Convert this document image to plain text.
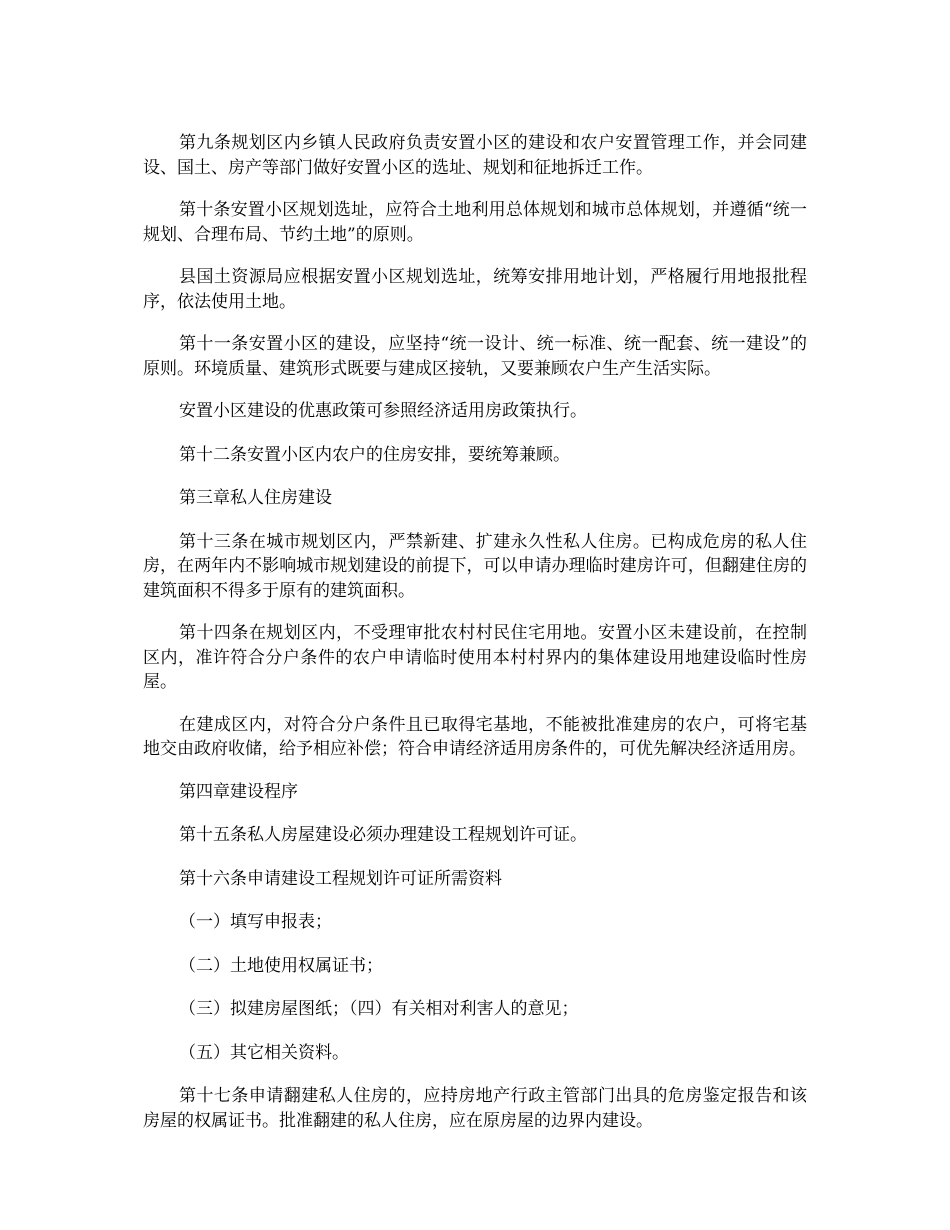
第九条规划区内乡镇人民政府负责安置小区的建设和农户安置管理工作，并会同建设、国土、房产等部门做好安置小区的选址、规划和征地拆迁工作。

第十条安置小区规划选址，应符合土地利用总体规划和城市总体规划，并遵循“统一规划、合理布局、节约土地”的原则。

县国土资源局应根据安置小区规划选址，统筹安排用地计划，严格履行用地报批程序，依法使用土地。

第十一条安置小区的建设，应坚持“统一设计、统一标准、统一配套、统一建设”的原则。环境质量、建筑形式既要与建成区接轨，又要兼顾农户生产生活实际。

安置小区建设的优惠政策可参照经济适用房政策执行。

第十二条安置小区内农户的住房安排，要统筹兼顾。

第三章私人住房建设

第十三条在城市规划区内，严禁新建、扩建永久性私人住房。已构成危房的私人住房，在两年内不影响城市规划建设的前提下，可以申请办理临时建房许可，但翻建住房的建筑面积不得多于原有的建筑面积。

第十四条在规划区内，不受理审批农村村民住宅用地。安置小区未建设前，在控制区内，准许符合分户条件的农户申请临时使用本村村界内的集体建设用地建设临时性房屋。

在建成区内，对符合分户条件且已取得宅基地，不能被批准建房的农户，可将宅基地交由政府收储，给予相应补偿；符合申请经济适用房条件的，可优先解决经济适用房。

第四章建设程序

第十五条私人房屋建设必须办理建设工程规划许可证。

第十六条申请建设工程规划许可证所需资料

（一）填写申报表；

（二）土地使用权属证书；

（三）拟建房屋图纸；（四）有关相对利害人的意见；

（五）其它相关资料。

第十七条申请翻建私人住房的，应持房地产行政主管部门出具的危房鉴定报告和该房屋的权属证书。批准翻建的私人住房，应在原房屋的边界内建设。
